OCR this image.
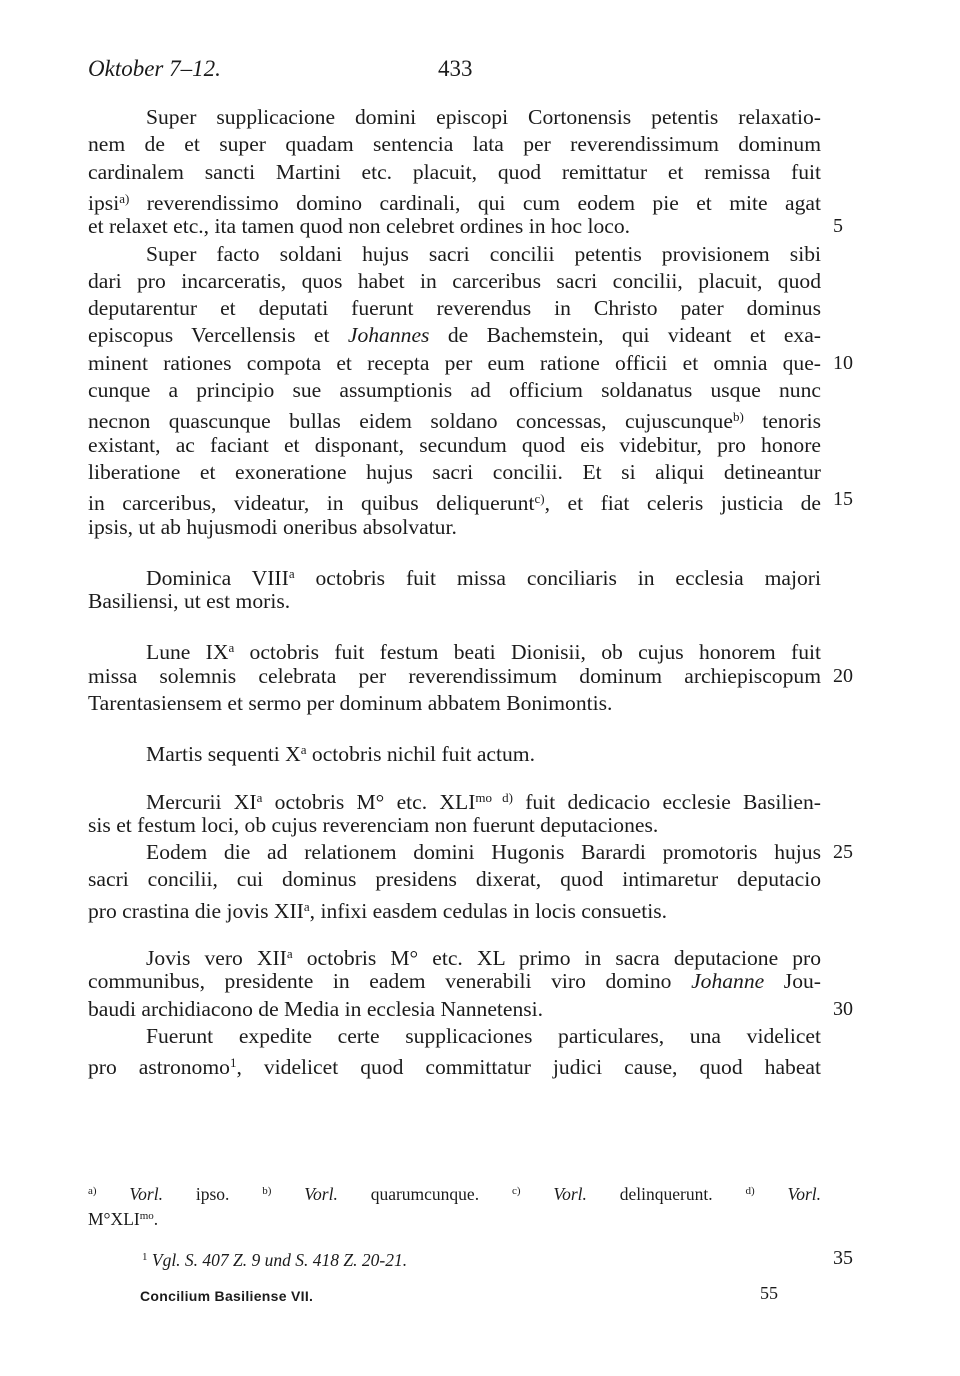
Oktober 7–12.	433
Super supplicacione domini episcopi Cortonensis petentis relaxatio-
nem de et super quadam sentencia lata per reverendissimum dominum
cardinalem sancti Martini etc. placuit, quod remittatur et remissa fuit
ipsi$^{a)}$ reverendissimo domino cardinali, qui cum eodem pie et mite agat
et relaxet etc., ita tamen quod non celebret ordines in hoc loco.	5
Super facto soldani hujus sacri concilii petentis provisionem sibi
dari pro incarceratis, quos habet in carceribus sacri concilii, placuit, quod
deputarentur et deputati fuerunt reverendus in Christo pater dominus
episcopus Vercellensis et Johannes de Bachemstein, qui videant et exa-
minent rationes compota et recepta per eum ratione officii et omnia que- 10
cunque a principio sue assumptionis ad officium soldanatus usque nunc
necnon quascunque bullas eidem soldano concessas, cujuscunque$^{b)}$ tenoris
existant, ac faciant et disponant, secundum quod eis videbitur, pro honore
liberatione et exoneratione hujus sacri concilii. Et si aliqui detineantur
in carceribus, videatur, in quibus deliquerunt$^{c)}$, et fiat celeris justicia de 15
ipsis, ut ab hujusmodi oneribus absolvatur.
Dominica VIII$^a$ octobris fuit missa conciliaris in ecclesia majori
Basiliensi, ut est moris.
Lune $IX^a$ octobris fuit festum beati Dionisii, ob cujus honorem fuit
missa solemnis celebrata per reverendissimum dominum archiepiscopum 20
Tarentasiensem et sermo per dominum abbatem Bonimontis.
Martis sequenti $X^a$ octobris nichil fuit actum.
Mercurii $XI^a$ octobris M° etc. $XLI^{mo d)}$ fuit dedicacio ecclesie Basilien-
sis et festum loci, ob cujus reverenciam non fuerunt deputaciones.
Eodem die ad relationem domini Hugonis Barardi promotoris hujus 25
sacri concilii, cui dominus presidens dixerat, quod intimaretur deputacio
pro crastina die jovis XII$^a$, infixi easdem cedulas in locis consuetis.
Jovis vero XII$^a$ octobris M° etc. XL primo in sacra deputacione pro
communibus, presidente in eadem venerabili viro domino Johanne Jou-
baudi archidiacono de Media in ecclesia Nannetensi.	30
Fuerunt expedite certe supplicaciones particulares, una videlicet
pro astronomo$^1$, videlicet quod committatur judici cause, quod habeat
$^{a)}$ Vorl. ipso.	$^{b)}$ Vorl. quarumcunque.	$^{c)}$ Vorl. delinquerunt.	$^{d)}$ Vorl.
M°XLI$^{mo}$.
$^1$ Vgl. S. 407 Z. 9 und S. 418 Z. 20-21.	35
Concilium Basiliense VII.	55
